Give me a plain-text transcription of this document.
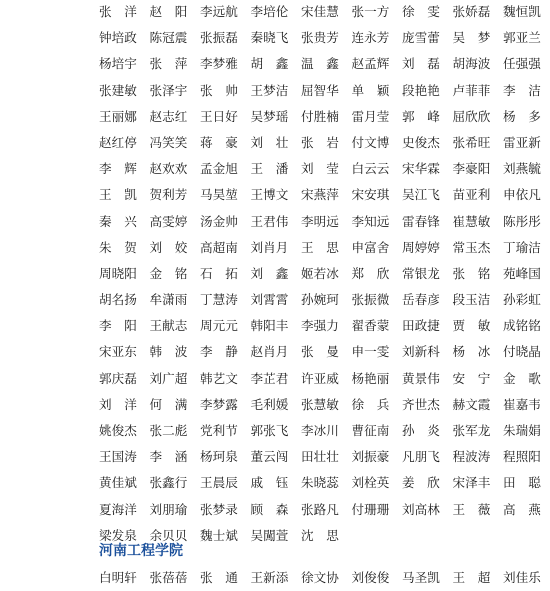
张　洋 赵　阳 李远航 李培伦 宋佳慧 张一方 徐　雯 张娇磊 魏恒凯
钟培政 陈冠震 张振磊 秦晓飞 张贵芳 连永芳 庞雪蕾 吴　梦 郭亚兰
杨培宇 张　萍 李梦雅 胡　鑫 温　鑫 赵孟辉 刘　磊 胡海波 任强强
张建敏 张泽宇 张　帅 王梦洁 屈智华 单　颖 段艳艳 卢菲菲 李　洁
王丽娜 赵志红 王日好 吴梦瑶 付胜楠 雷月莹 郭　峰 屈欣欣 杨　多
赵红停 冯笑笑 蒋　豪 刘　壮 张　岩 付文博 史俊杰 张希旺 雷亚新
李　辉 赵欢欢 孟金旭 王　潘 刘　莹 白云云 宋华霖 李豪阳 刘燕毓
王　凯 贺利芳 马昊堃 王博文 宋燕萍 宋安琪 吴江飞 苗亚利 申依凡
秦　兴 高雯婷 汤金帅 王君伟 李明远 李知远 雷春锋 崔慧敏 陈彤彤
朱　贺 刘　姣 高超南 刘肖月 王　思 申富舍 周婷婷 常玉杰 丁瑜洁
周晓阳 金　铭 石　拓 刘　鑫 姬若冰 郑　欣 常银龙 张　铭 苑峰国
胡名扬 牟潇雨 丁慧涛 刘霄霄 孙婉珂 张振微 岳春彦 段玉洁 孙彩虹
李　阳 王献志 周元元 韩阳丰 李强力 翟香蒙 田政捷 贾　敏 成铭铭
宋亚东 韩　波 李　静 赵肖月 张　曼 申一雯 刘新科 杨　冰 付晓晶
郭庆磊 刘广超 韩艺文 李芷君 许亚威 杨艳丽 黄景伟 安　宁 金　歌
刘　洋 何　满 李梦露 毛利媛 张慧敏 徐　兵 齐世杰 赫文霞 崔嘉韦
姚俊杰 张二彪 党利节 郭张飞 李冰川 曹征南 孙　炎 张军龙 朱瑞娟
王国涛 李　涵 杨珂泉 董云闯 田壮壮 刘振豪 凡朋飞 程波涛 程照阳
黄佳斌 张鑫行 王晨辰 戚　钰 朱晓蕊 刘栓英 姜　欣 宋泽丰 田　聪
夏海洋 刘朋瑜 张梦录 顾　森 张路凡 付珊珊 刘高林 王　薇 高　燕
梁发泉 余贝贝 魏士斌 吴闖萱 沈　思
河南工程学院
白明轩 张蓓蓓 张　通 王新添 徐文协 刘俊俊 马圣凯 王　超 刘佳乐
